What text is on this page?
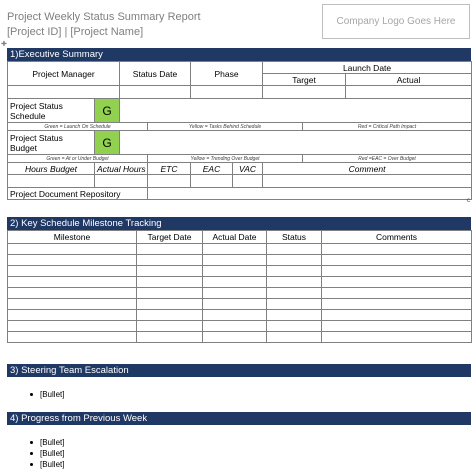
Project Weekly Status Summary Report
[Project ID] | [Project Name]
Company Logo Goes Here
✚
1)Executive Summary
Project Manager		Status Date		Phase		Launch Date		
						Target		Actual

Project Status Schedule	G							
Green = Launch On Schedule			Yellow = Tasks Behind Schedule				Red = Critical Path Impact	
Project Status Budget	G							
Green = At or Under Budget			Yellow = Trending Over Budget				Red =EAC = Over Budget	
Hours Budget	Actual Hours		ETC	EAC	VAC	Comment		

Project Document Repository								
c
2) Key Schedule Milestone Tracking
Milestone	Target Date	Actual Date	Status	Comments

3) Steering Team Escalation
[Bullet]
4) Progress from Previous Week
[Bullet]
[Bullet]
[Bullet]
